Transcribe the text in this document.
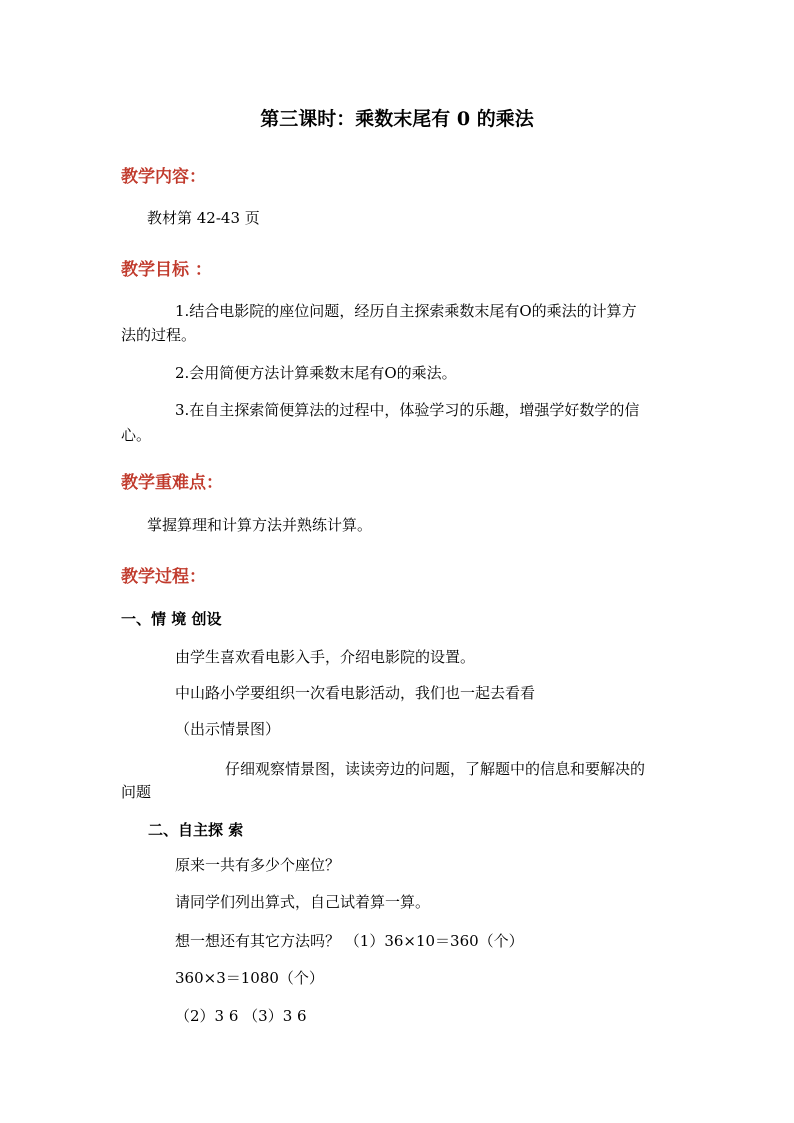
第三课时：乘数末尾有 0 的乘法
教学内容：
教材第 42-43 页
教学目标 ：
1.结合电影院的座位问题，经历自主探索乘数末尾有O的乘法的计算方
法的过程。
2.会用简便方法计算乘数末尾有O的乘法。
3.在自主探索简便算法的过程中，体验学习的乐趣，增强学好数学的信
心。
教学重难点：
掌握算理和计算方法并熟练计算。
教学过程：
一、情 境 创设
由学生喜欢看电影入手，介绍电影院的设置。
中山路小学要组织一次看电影活动，我们也一起去看看
（出示情景图）
仔细观察情景图，读读旁边的问题，了解题中的信息和要解决的
问题
二、自主探 索
原来一共有多少个座位？
请同学们列出算式，自己试着算一算。
想一想还有其它方法吗？ （1）36×10＝360（个）
360×3＝1080（个）
（2）3 6 （3）3 6
